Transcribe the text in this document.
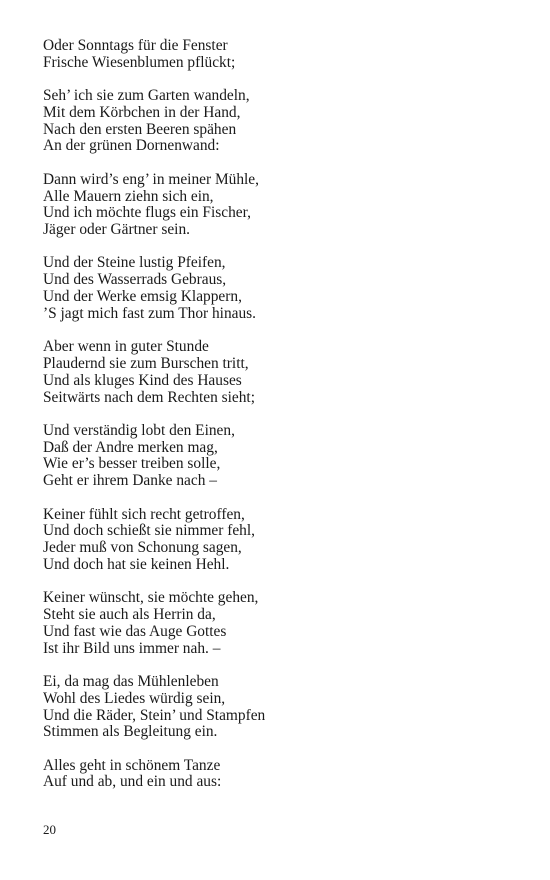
Oder Sonntags für die Fenster
Frische Wiesenblumen pflückt;
Seh’ ich sie zum Garten wandeln,
Mit dem Körbchen in der Hand,
Nach den ersten Beeren spähen
An der grünen Dornenwand:
Dann wird’s eng’ in meiner Mühle,
Alle Mauern ziehn sich ein,
Und ich möchte flugs ein Fischer,
Jäger oder Gärtner sein.
Und der Steine lustig Pfeifen,
Und des Wasserrads Gebraus,
Und der Werke emsig Klappern,
’S jagt mich fast zum Thor hinaus.
Aber wenn in guter Stunde
Plaudernd sie zum Burschen tritt,
Und als kluges Kind des Hauses
Seitwärts nach dem Rechten sieht;
Und verständig lobt den Einen,
Daß der Andre merken mag,
Wie er’s besser treiben solle,
Geht er ihrem Danke nach –
Keiner fühlt sich recht getroffen,
Und doch schießt sie nimmer fehl,
Jeder muß von Schonung sagen,
Und doch hat sie keinen Hehl.
Keiner wünscht, sie möchte gehen,
Steht sie auch als Herrin da,
Und fast wie das Auge Gottes
Ist ihr Bild uns immer nah. –
Ei, da mag das Mühlenleben
Wohl des Liedes würdig sein,
Und die Räder, Stein’ und Stampfen
Stimmen als Begleitung ein.
Alles geht in schönem Tanze
Auf und ab, und ein und aus:
20
